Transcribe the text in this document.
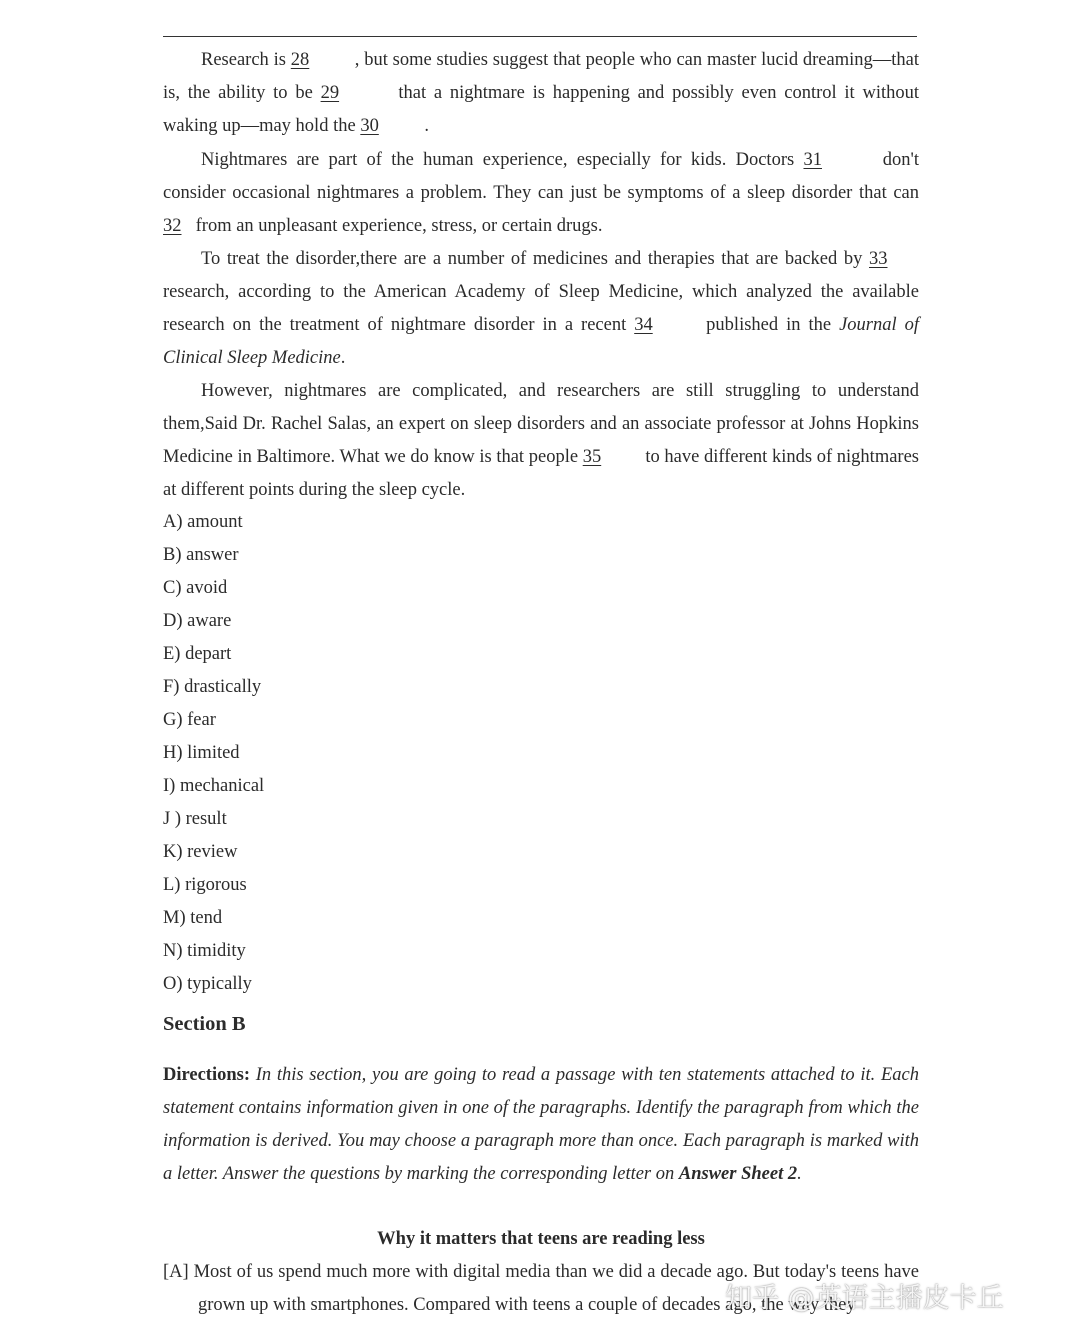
Research is 28 , but some studies suggest that people who can master lucid dreaming—that is, the ability to be 29	that a nightmare is happening and possibly even control it without waking up—may hold the 30 .
Nightmares are part of the human experience, especially for kids. Doctors 31	don't consider occasional nightmares a problem. They can just be symptoms of a sleep disorder that can 32 from an unpleasant experience, stress, or certain drugs.
To treat the disorder,there are a number of medicines and therapies that are backed by 33 research, according to the American Academy of Sleep Medicine, which analyzed the available research on the treatment of nightmare disorder in a recent 34 published in the Journal of Clinical Sleep Medicine.
However, nightmares are complicated, and researchers are still struggling to understand them,Said Dr. Rachel Salas, an expert on sleep disorders and an associate professor at Johns Hopkins Medicine in Baltimore. What we do know is that people 35 to have different kinds of nightmares at different points during the sleep cycle.
A) amount
B) answer
C) avoid
D) aware
E) depart
F) drastically
G) fear
H) limited
I) mechanical
J ) result
K) review
L) rigorous
M) tend
N) timidity
O) typically
Section B
Directions: In this section, you are going to read a passage with ten statements attached to it. Each statement contains information given in one of the paragraphs. Identify the paragraph from which the information is derived. You may choose a paragraph more than once. Each paragraph is marked with a letter. Answer the questions by marking the corresponding letter on Answer Sheet 2.
Why it matters that teens are reading less
[A] Most of us spend much more with digital media than we did a decade ago. But today's teens have grown up with smartphones. Compared with teens a couple of decades ago, the way they
知乎 @英语主播皮卡丘
